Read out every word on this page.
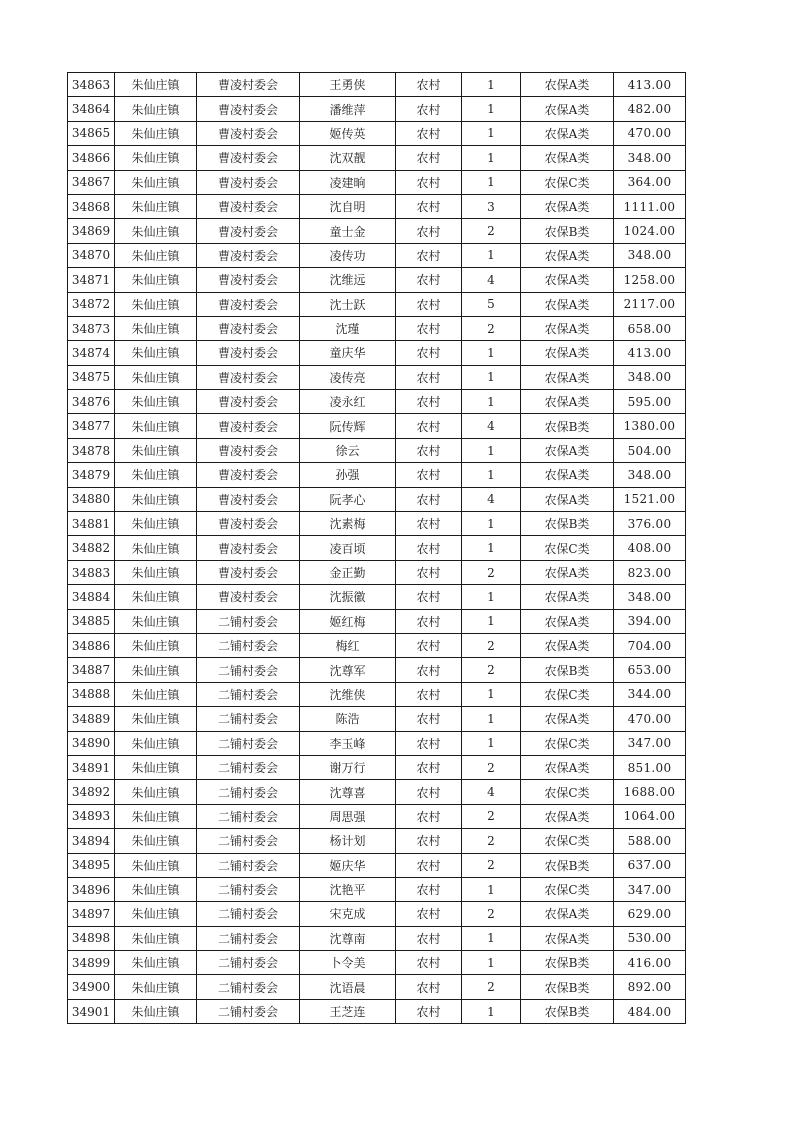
34863	朱仙庄镇	曹凌村委会	王勇侠	农村	1	农保A类	413.00
34864	朱仙庄镇	曹凌村委会	潘维萍	农村	1	农保A类	482.00
34865	朱仙庄镇	曹凌村委会	姬传英	农村	1	农保A类	470.00
34866	朱仙庄镇	曹凌村委会	沈双靓	农村	1	农保A类	348.00
34867	朱仙庄镇	曹凌村委会	凌建晌	农村	1	农保C类	364.00
34868	朱仙庄镇	曹凌村委会	沈自明	农村	3	农保A类	1111.00
34869	朱仙庄镇	曹凌村委会	童士金	农村	2	农保B类	1024.00
34870	朱仙庄镇	曹凌村委会	凌传功	农村	1	农保A类	348.00
34871	朱仙庄镇	曹凌村委会	沈维远	农村	4	农保A类	1258.00
34872	朱仙庄镇	曹凌村委会	沈士跃	农村	5	农保A类	2117.00
34873	朱仙庄镇	曹凌村委会	沈瑾	农村	2	农保A类	658.00
34874	朱仙庄镇	曹凌村委会	童庆华	农村	1	农保A类	413.00
34875	朱仙庄镇	曹凌村委会	凌传亮	农村	1	农保A类	348.00
34876	朱仙庄镇	曹凌村委会	凌永红	农村	1	农保A类	595.00
34877	朱仙庄镇	曹凌村委会	阮传辉	农村	4	农保B类	1380.00
34878	朱仙庄镇	曹凌村委会	徐云	农村	1	农保A类	504.00
34879	朱仙庄镇	曹凌村委会	孙强	农村	1	农保A类	348.00
34880	朱仙庄镇	曹凌村委会	阮孝心	农村	4	农保A类	1521.00
34881	朱仙庄镇	曹凌村委会	沈素梅	农村	1	农保B类	376.00
34882	朱仙庄镇	曹凌村委会	凌百顷	农村	1	农保C类	408.00
34883	朱仙庄镇	曹凌村委会	金正勤	农村	2	农保A类	823.00
34884	朱仙庄镇	曹凌村委会	沈振徽	农村	1	农保A类	348.00
34885	朱仙庄镇	二铺村委会	姬红梅	农村	1	农保A类	394.00
34886	朱仙庄镇	二铺村委会	梅红	农村	2	农保A类	704.00
34887	朱仙庄镇	二铺村委会	沈尊军	农村	2	农保B类	653.00
34888	朱仙庄镇	二铺村委会	沈维侠	农村	1	农保C类	344.00
34889	朱仙庄镇	二铺村委会	陈浩	农村	1	农保A类	470.00
34890	朱仙庄镇	二铺村委会	李玉峰	农村	1	农保C类	347.00
34891	朱仙庄镇	二铺村委会	谢万行	农村	2	农保A类	851.00
34892	朱仙庄镇	二铺村委会	沈尊喜	农村	4	农保C类	1688.00
34893	朱仙庄镇	二铺村委会	周思强	农村	2	农保A类	1064.00
34894	朱仙庄镇	二铺村委会	杨计划	农村	2	农保C类	588.00
34895	朱仙庄镇	二铺村委会	姬庆华	农村	2	农保B类	637.00
34896	朱仙庄镇	二铺村委会	沈艳平	农村	1	农保C类	347.00
34897	朱仙庄镇	二铺村委会	宋克成	农村	2	农保A类	629.00
34898	朱仙庄镇	二铺村委会	沈尊南	农村	1	农保A类	530.00
34899	朱仙庄镇	二铺村委会	卜令美	农村	1	农保B类	416.00
34900	朱仙庄镇	二铺村委会	沈语晨	农村	2	农保B类	892.00
34901	朱仙庄镇	二铺村委会	王芝连	农村	1	农保B类	484.00
